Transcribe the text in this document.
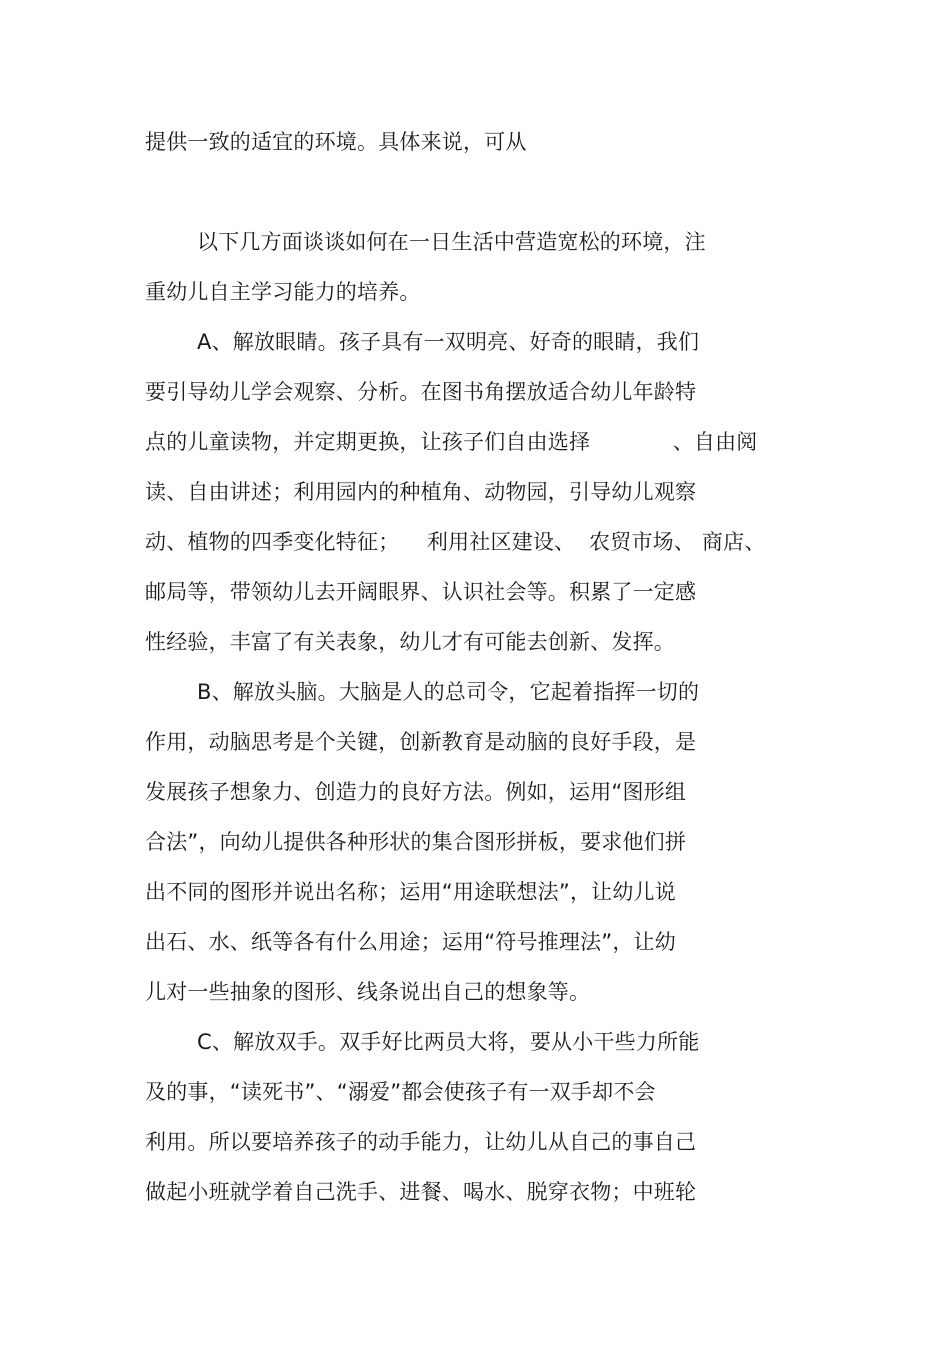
提供一致的适宜的环境。具体来说，可从
以下几方面谈谈如何在一日生活中营造宽松的环境，注
重幼儿自主学习能力的培养。
A、解放眼睛。孩子具有一双明亮、好奇的眼睛，我们
要引导幼儿学会观察、分析。在图书角摆放适合幼儿年龄特
点的儿童读物，并定期更换，让孩子们自由选择            、自由阅
读、自由讲述；利用园内的种植角、动物园，引导幼儿观察
动、植物的四季变化特征；    利用社区建设、  农贸市场、 商店、
邮局等，带领幼儿去开阔眼界、认识社会等。积累了一定感
性经验，丰富了有关表象，幼儿才有可能去创新、发挥。
B、解放头脑。大脑是人的总司令，它起着指挥一切的
作用，动脑思考是个关键，创新教育是动脑的良好手段，是
发展孩子想象力、创造力的良好方法。例如，运用“图形组
合法”，向幼儿提供各种形状的集合图形拼板，要求他们拼
出不同的图形并说出名称；运用“用途联想法”，让幼儿说
出石、水、纸等各有什么用途；运用“符号推理法”，让幼
儿对一些抽象的图形、线条说出自己的想象等。
C、解放双手。双手好比两员大将，要从小干些力所能
及的事，“读死书”、“溺爱”都会使孩子有一双手却不会
利用。所以要培养孩子的动手能力，让幼儿从自己的事自己
做起小班就学着自己洗手、进餐、喝水、脱穿衣物；中班轮
